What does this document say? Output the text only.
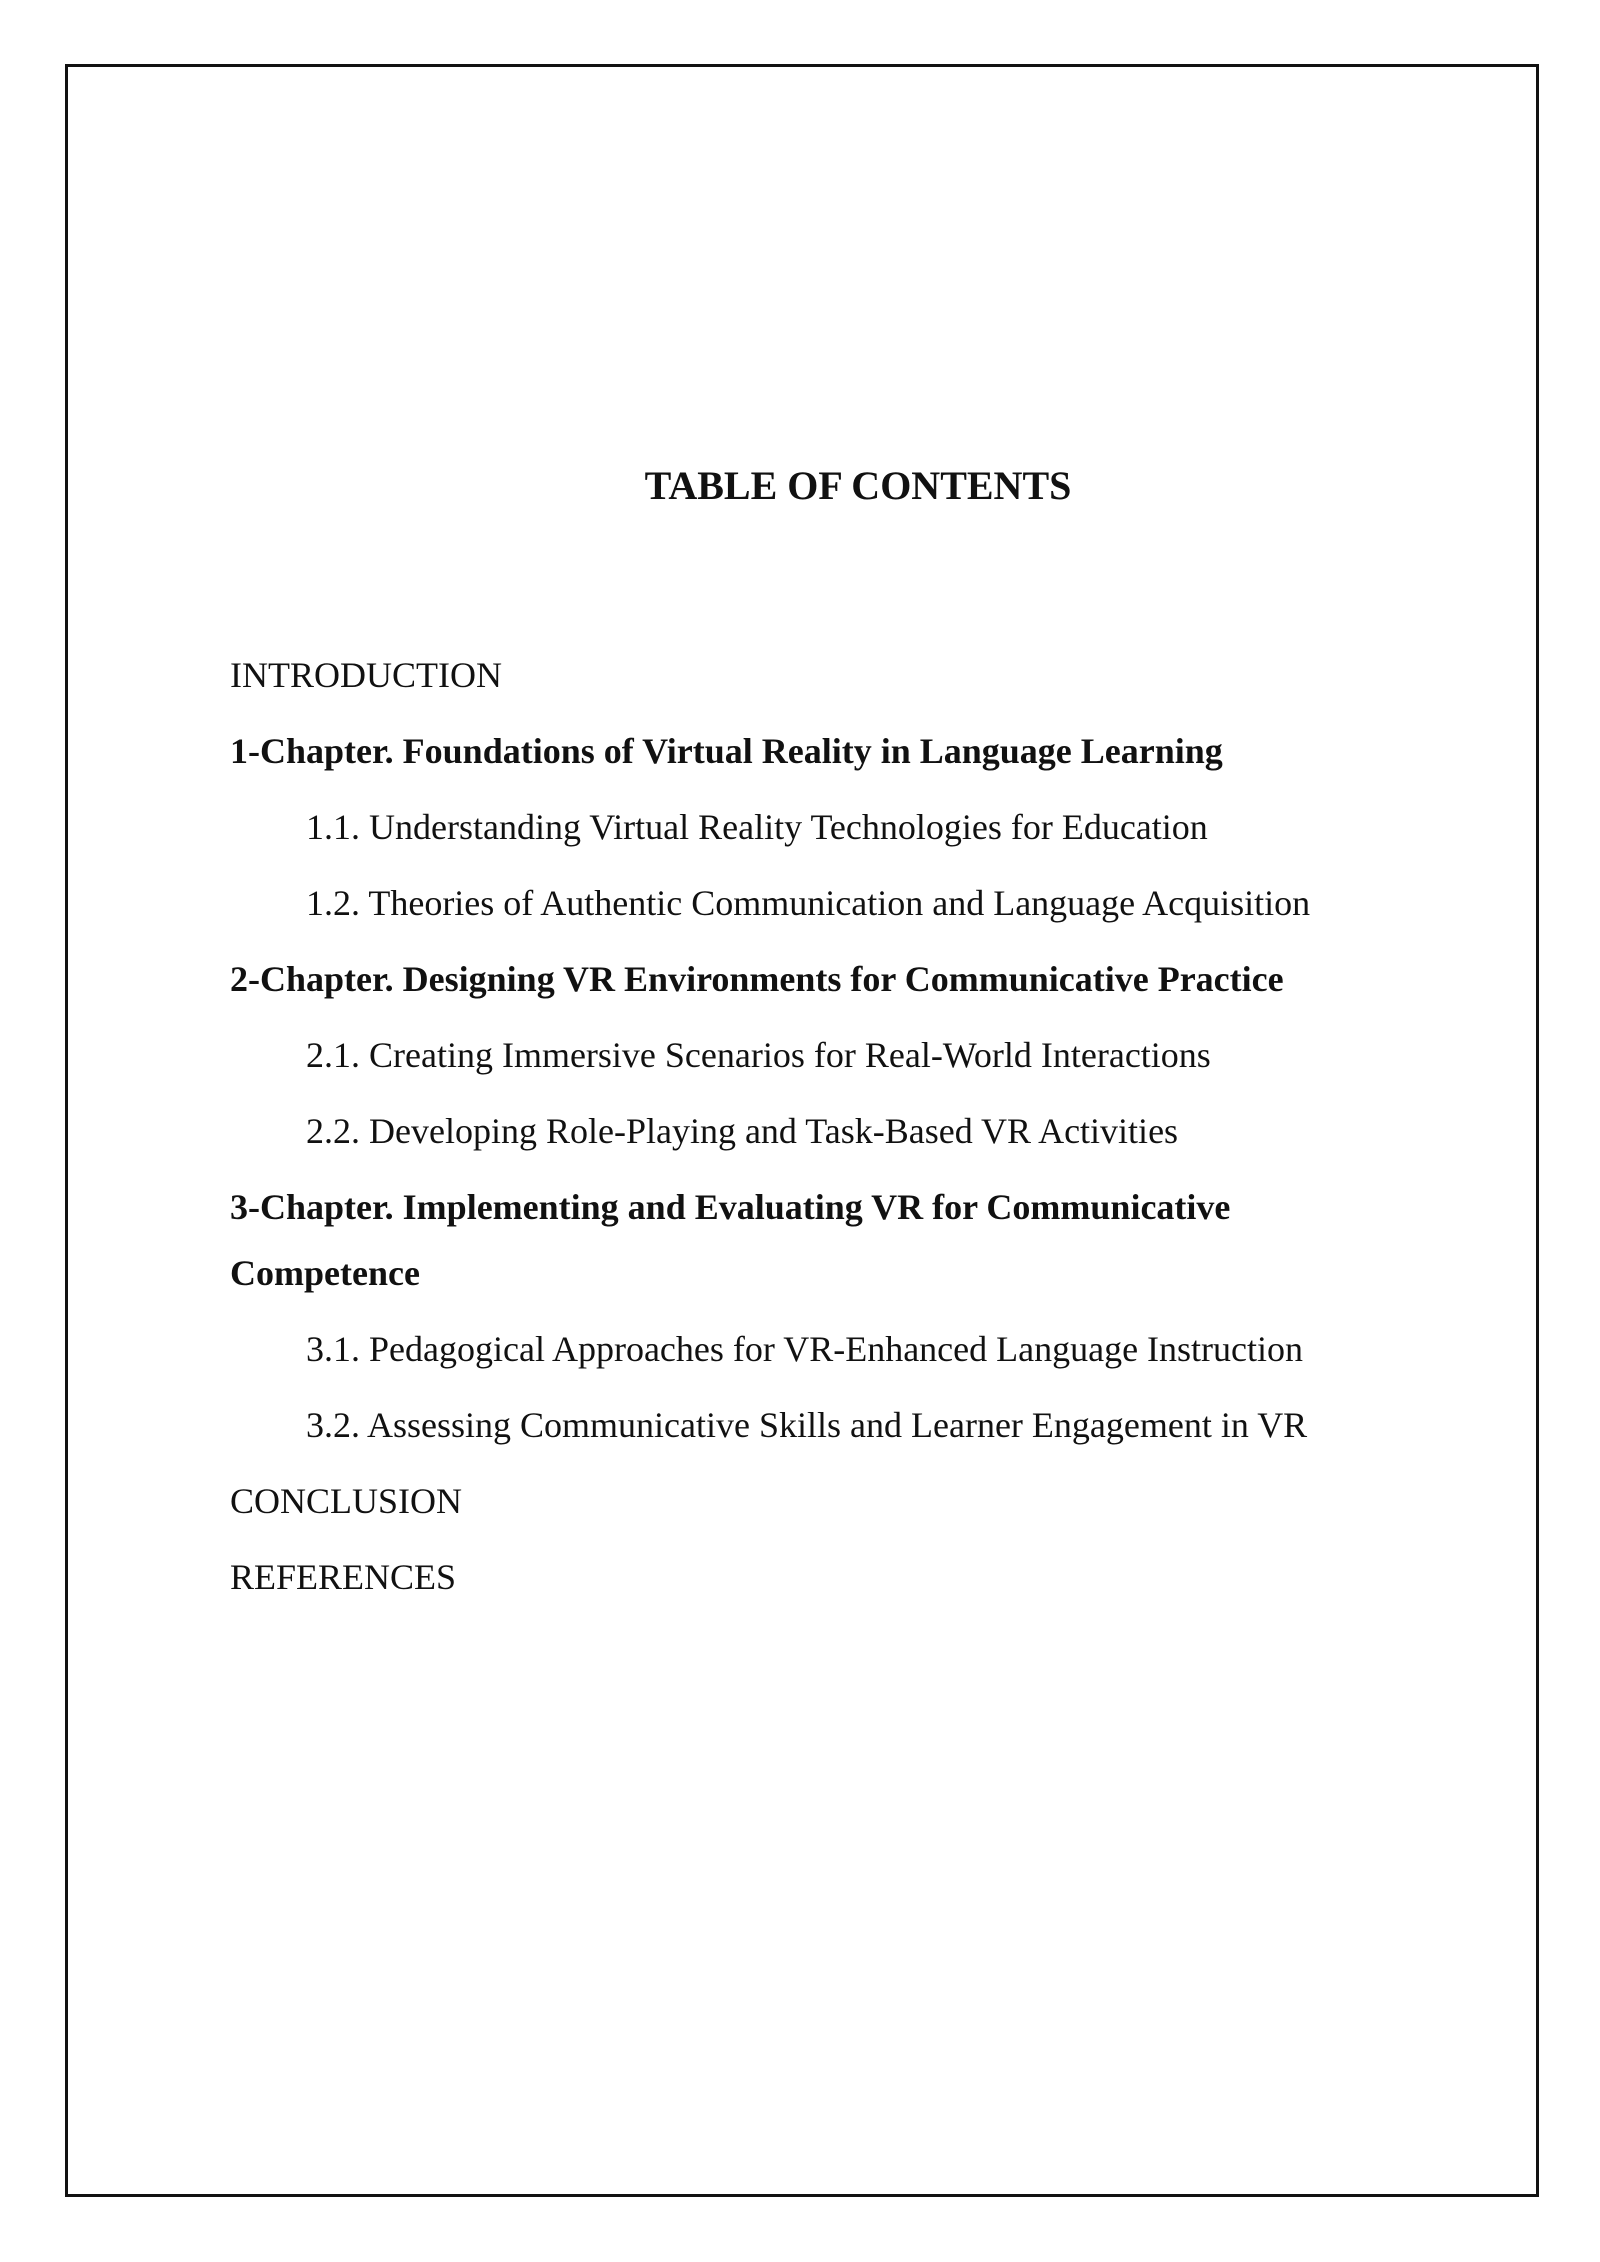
TABLE OF CONTENTS
INTRODUCTION
1-Chapter. Foundations of Virtual Reality in Language Learning
1.1. Understanding Virtual Reality Technologies for Education
1.2. Theories of Authentic Communication and Language Acquisition
2-Chapter. Designing VR Environments for Communicative Practice
2.1. Creating Immersive Scenarios for Real-World Interactions
2.2. Developing Role-Playing and Task-Based VR Activities
3-Chapter. Implementing and Evaluating VR for Communicative Competence
3.1. Pedagogical Approaches for VR-Enhanced Language Instruction
3.2. Assessing Communicative Skills and Learner Engagement in VR
CONCLUSION
REFERENCES
